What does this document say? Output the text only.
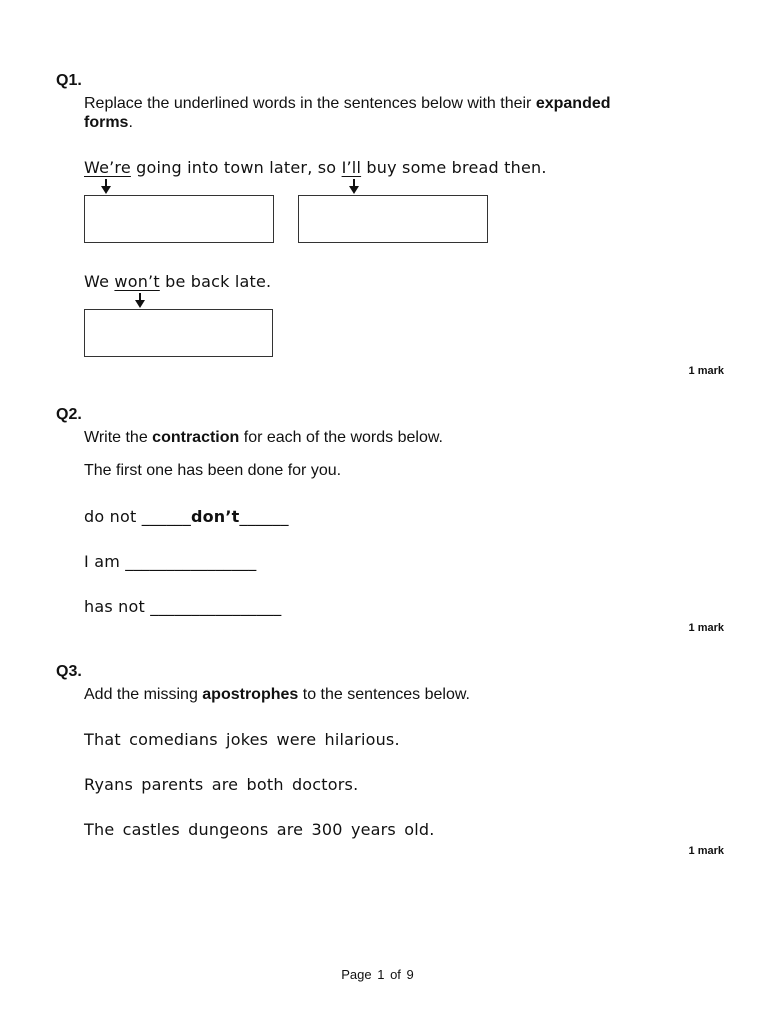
Q1.
Replace the underlined words in the sentences below with their expanded
forms.
We’re going into town later, so I’ll buy some bread then.
We won’t be back late.
1 mark
Q2.
Write the contraction for each of the words below.
The first one has been done for you.
do not ______don’t______
I am ________________
has not ________________
1 mark
Q3.
Add the missing apostrophes to the sentences below.
That comedians jokes were hilarious.
Ryans parents are both doctors.
The castles dungeons are 300 years old.
1 mark
Page 1 of 9
